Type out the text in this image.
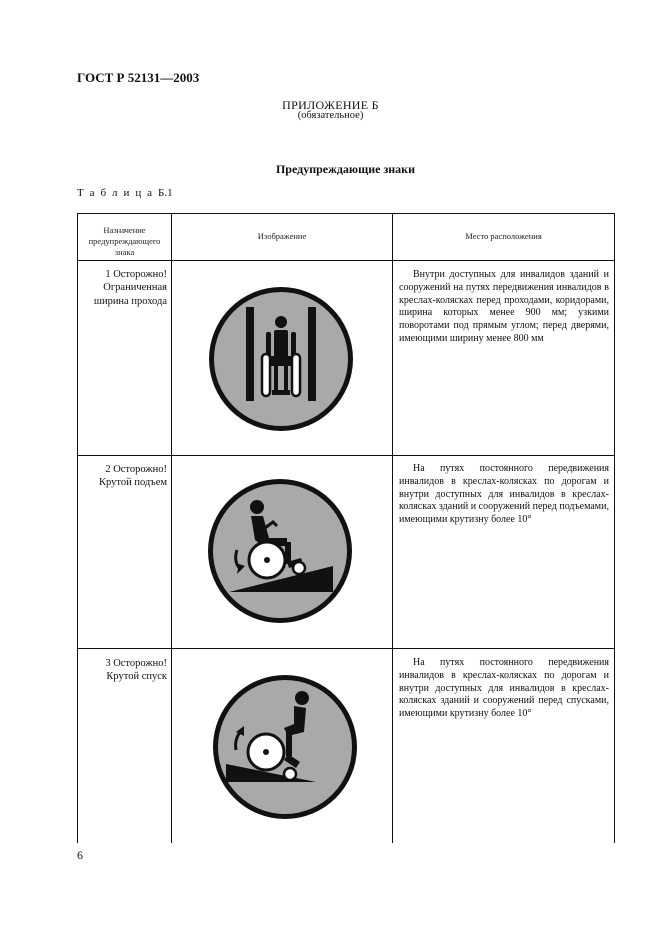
ГОСТ Р 52131—2003
ПРИЛОЖЕНИЕ Б
(обязательное)
Предупреждающие знаки
Т а б л и ц а Б.1
Назначение предупреждающего знака
Изображение	Место расположения
1 Осторожно! Ограниченная ширина прохода
Внутри доступных для инвалидов зданий и сооружений на путях передвижения инвалидов в креслах-колясках перед проходами, коридорами, ширина которых менее 900 мм; узкими поворотами под прямым углом; перед дверями, имеющими ширину менее 800 мм
2 Осторожно! Крутой подъем
На путях постоянного передвижения инвалидов в креслах-колясках по дорогам и внутри доступных для инвалидов в креслах-колясках зданий и сооружений перед подъемами, имеющими крутизну более 10°
3 Осторожно! Крутой спуск
На путях постоянного передвижения инвалидов в креслах-колясках по дорогам и внутри доступных для инвалидов в креслах-колясках зданий и сооружений перед спусками, имеющими крутизну более 10°
6
